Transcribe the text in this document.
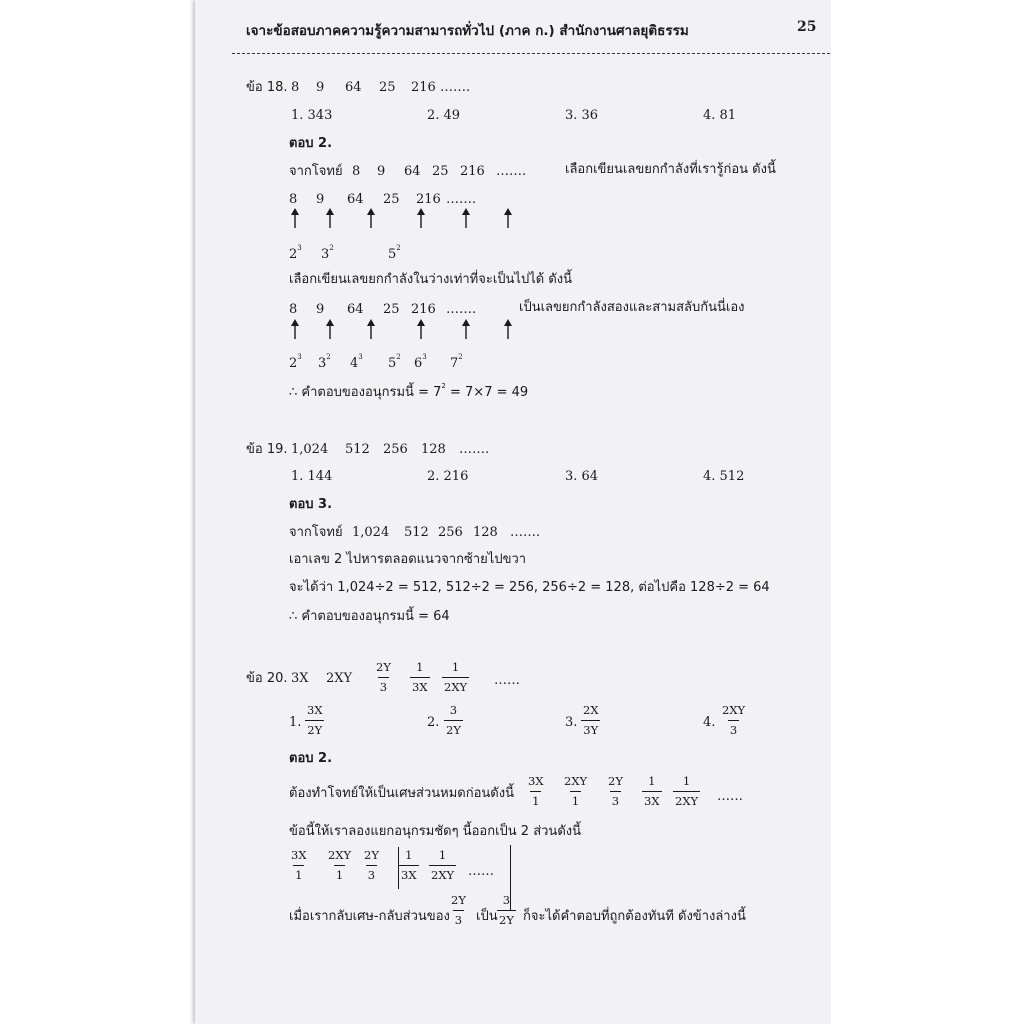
เจาะข้อสอบภาคความรู้ความสามารถทั่วไป (ภาค ก.) สำนักงานศาลยุติธรรม	25
ข้อ 18. 8 9 64 25 216 …….
1. 343	2. 49	3. 36	4. 81
ตอบ 2.
จากโจทย์ 8 9 64 25 216 …….	เลือกเขียนเลขยกกำลังที่เรารู้ก่อน ดังนี้
8 9 64 25 216 …….
$2^3$ $3^2$	$5^2$
เลือกเขียนเลขยกกำลังในว่างเท่าที่จะเป็นไปได้ ดังนี้
8 9 64 25 216 …….	เป็นเลขยกกำลังสองและสามสลับกันนี่เอง
$2^3$ $3^2$ $4^3$ $5^2$ $6^3$ $7^2$
∴ คำตอบของอนุกรมนี้ = $7^2 = 7\times 7 = 49$
ข้อ 19. 1,024 512 256 128 …….
1. 144	2. 216	3. 64	4. 512
ตอบ 3.
จากโจทย์ 1,024 512 256 128 …….
เอาเลข 2 ไปหารตลอดแนวจากซ้ายไปขวา
จะได้ว่า 1,024÷2 = 512, 512÷2 = 256, 256÷2 = 128, ต่อไปคือ 128÷2 = 64
∴ คำตอบของอนุกรมนี้ = 64
ข้อ 20. 3X $2XY \frac{2Y}{3} \frac{1}{3X} \frac{1}{2XY}$ ……
1. $\frac{3X}{2Y}$	2. $\frac{3}{2Y}$	3. $\frac{2X}{3Y}$	4. $\frac{2XY}{3}$
ตอบ 2.
ต้องทำโจทย์ให้เป็นเศษส่วนหมดก่อนดังนี้ $\frac{3X}{1} \frac{2XY}{1} \frac{2Y}{3} \frac{1}{3X} \frac{1}{2XY}$ ……
ข้อนี้ให้เราลองแยกอนุกรมชัดๆ นี้ออกเป็น 2 ส่วนดังนี้
$\frac{3X}{1} \frac{2XY}{1} \frac{2Y}{3} \frac{1}{3X} \frac{1}{2XY}$ ……
เมื่อเรากลับเศษ-กลับส่วนของ $\frac{2Y}{3}$ เป็น $\frac{3}{2Y}$ ก็จะได้คำตอบที่ถูกต้องทันที ดังข้างล่างนี้
